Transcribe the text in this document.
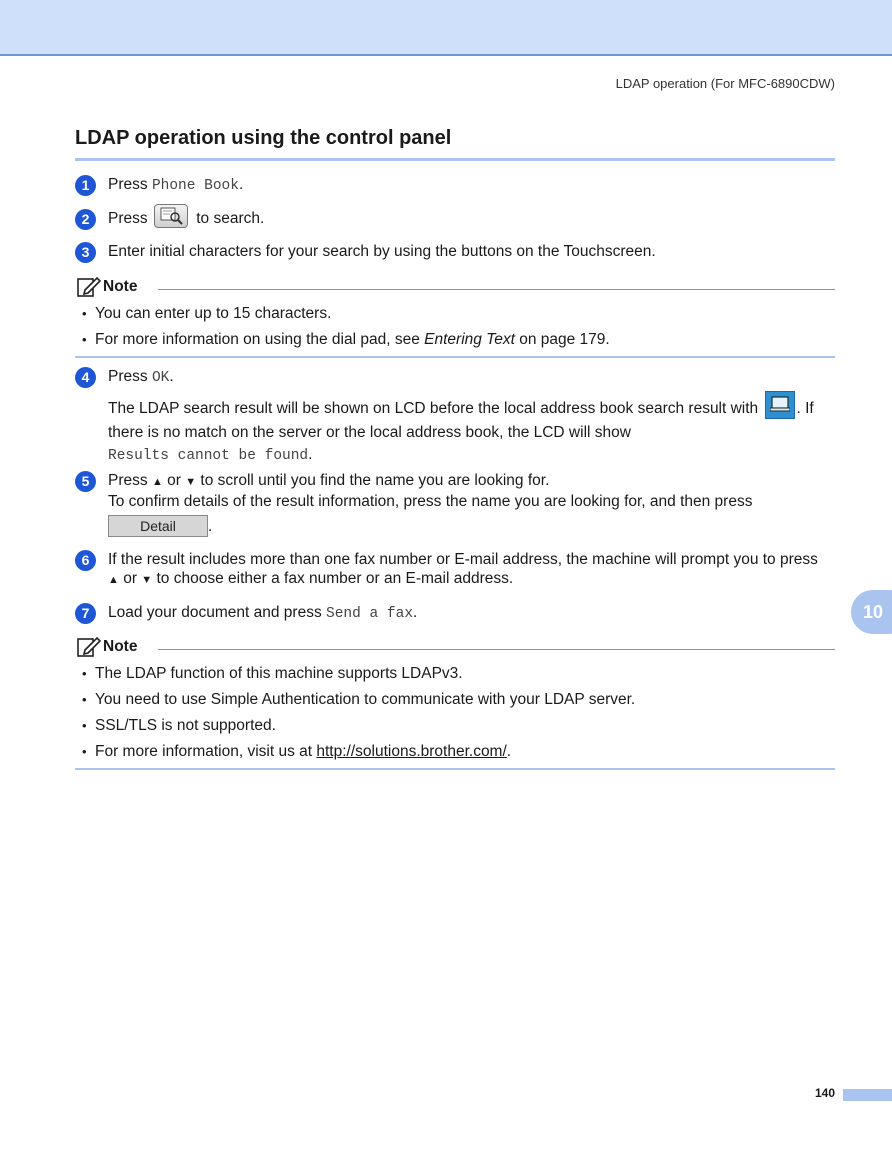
LDAP operation (For MFC-6890CDW)
LDAP operation using the control panel
1	Press Phone Book.
2	Press	to search.
3	Enter initial characters for your search by using the buttons on the Touchscreen.
Note
• You can enter up to 15 characters.
• For more information on using the dial pad, see Entering Text on page 179.
4	Press OK.
The LDAP search result will be shown on LCD before the local address book search result with
. If there is no match on the server or the local address book, the LCD will show
Results cannot be found.
5	Press ▲ or ▼ to scroll until you find the name you are looking for.
To confirm details of the result information, press the name you are looking for, and then press
Detail .
6	If the result includes more than one fax number or E-mail address, the machine will prompt you to press
▲ or ▼ to choose either a fax number or an E-mail address.
7	Load your document and press Send a fax.
Note
• The LDAP function of this machine supports LDAPv3.
• You need to use Simple Authentication to communicate with your LDAP server.
• SSL/TLS is not supported.
• For more information, visit us at http://solutions.brother.com/.
10
140
